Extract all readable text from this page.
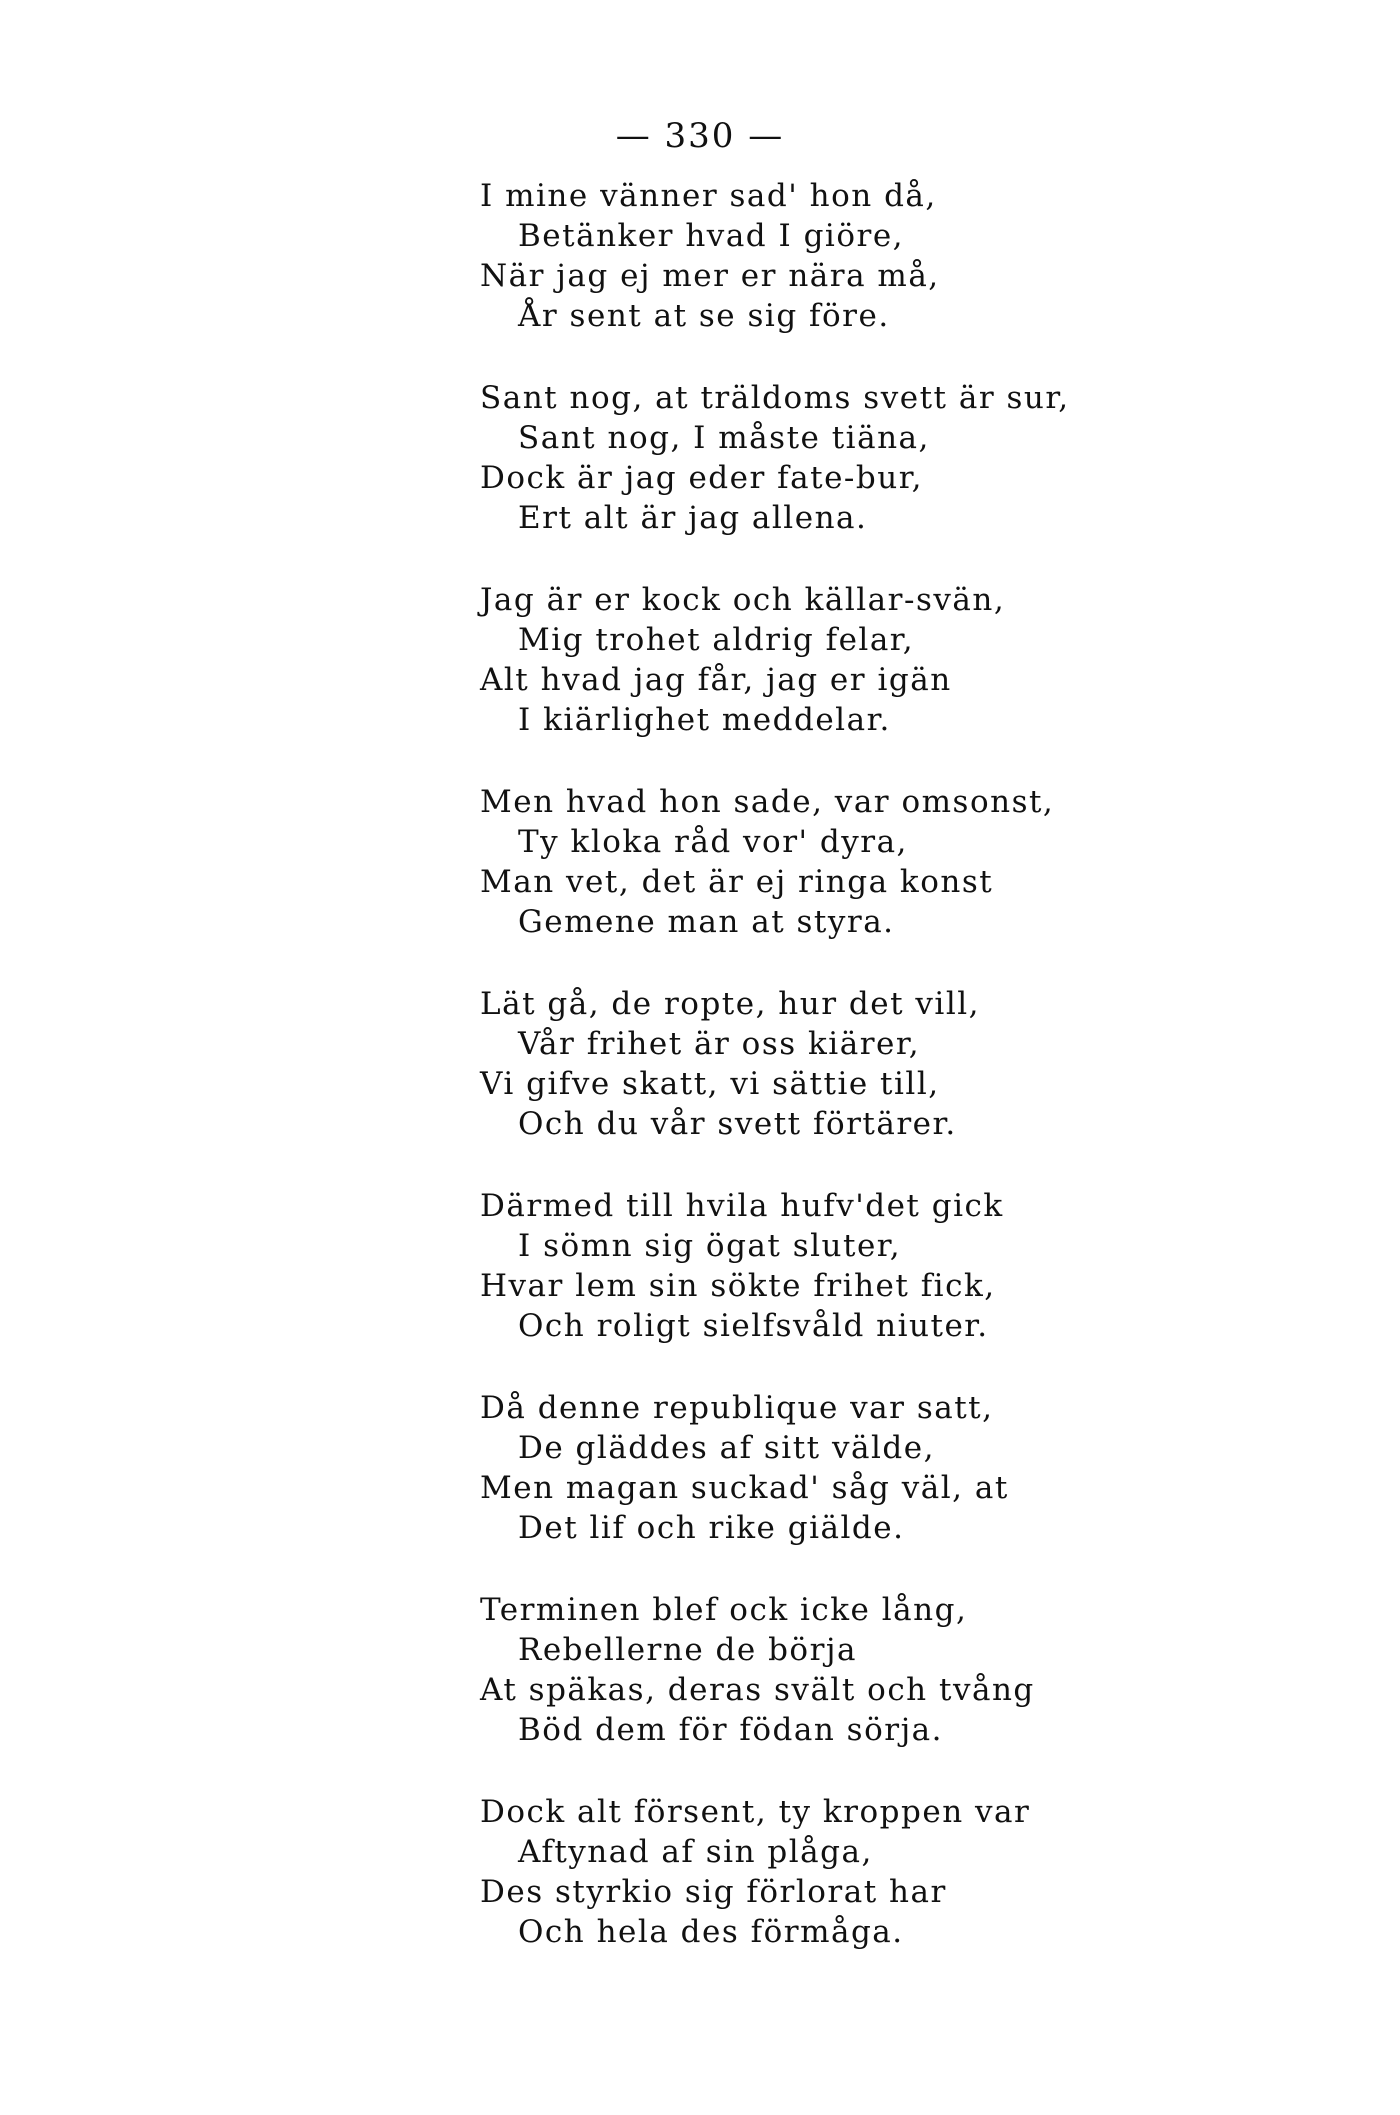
— 330 —
I mine vänner sad' hon då,
Betänker hvad I giöre,
När jag ej mer er nära må,
År sent at se sig före.
Sant nog, at träldoms svett är sur,
Sant nog, I måste tiäna,
Dock är jag eder fate-bur,
Ert alt är jag allena.
Jag är er kock och källar-svän,
Mig trohet aldrig felar,
Alt hvad jag får, jag er igän
I kiärlighet meddelar.
Men hvad hon sade, var omsonst,
Ty kloka råd vor' dyra,
Man vet, det är ej ringa konst
Gemene man at styra.
Lät gå, de ropte, hur det vill,
Vår frihet är oss kiärer,
Vi gifve skatt, vi sättie till,
Och du vår svett förtärer.
Därmed till hvila hufv'det gick
I sömn sig ögat sluter,
Hvar lem sin sökte frihet fick,
Och roligt sielfsvåld niuter.
Då denne republique var satt,
De gläddes af sitt välde,
Men magan suckad' såg väl, at
Det lif och rike giälde.
Terminen blef ock icke lång,
Rebellerne de börja
At späkas, deras svält och tvång
Böd dem för födan sörja.
Dock alt försent, ty kroppen var
Aftynad af sin plåga,
Des styrkio sig förlorat har
Och hela des förmåga.
